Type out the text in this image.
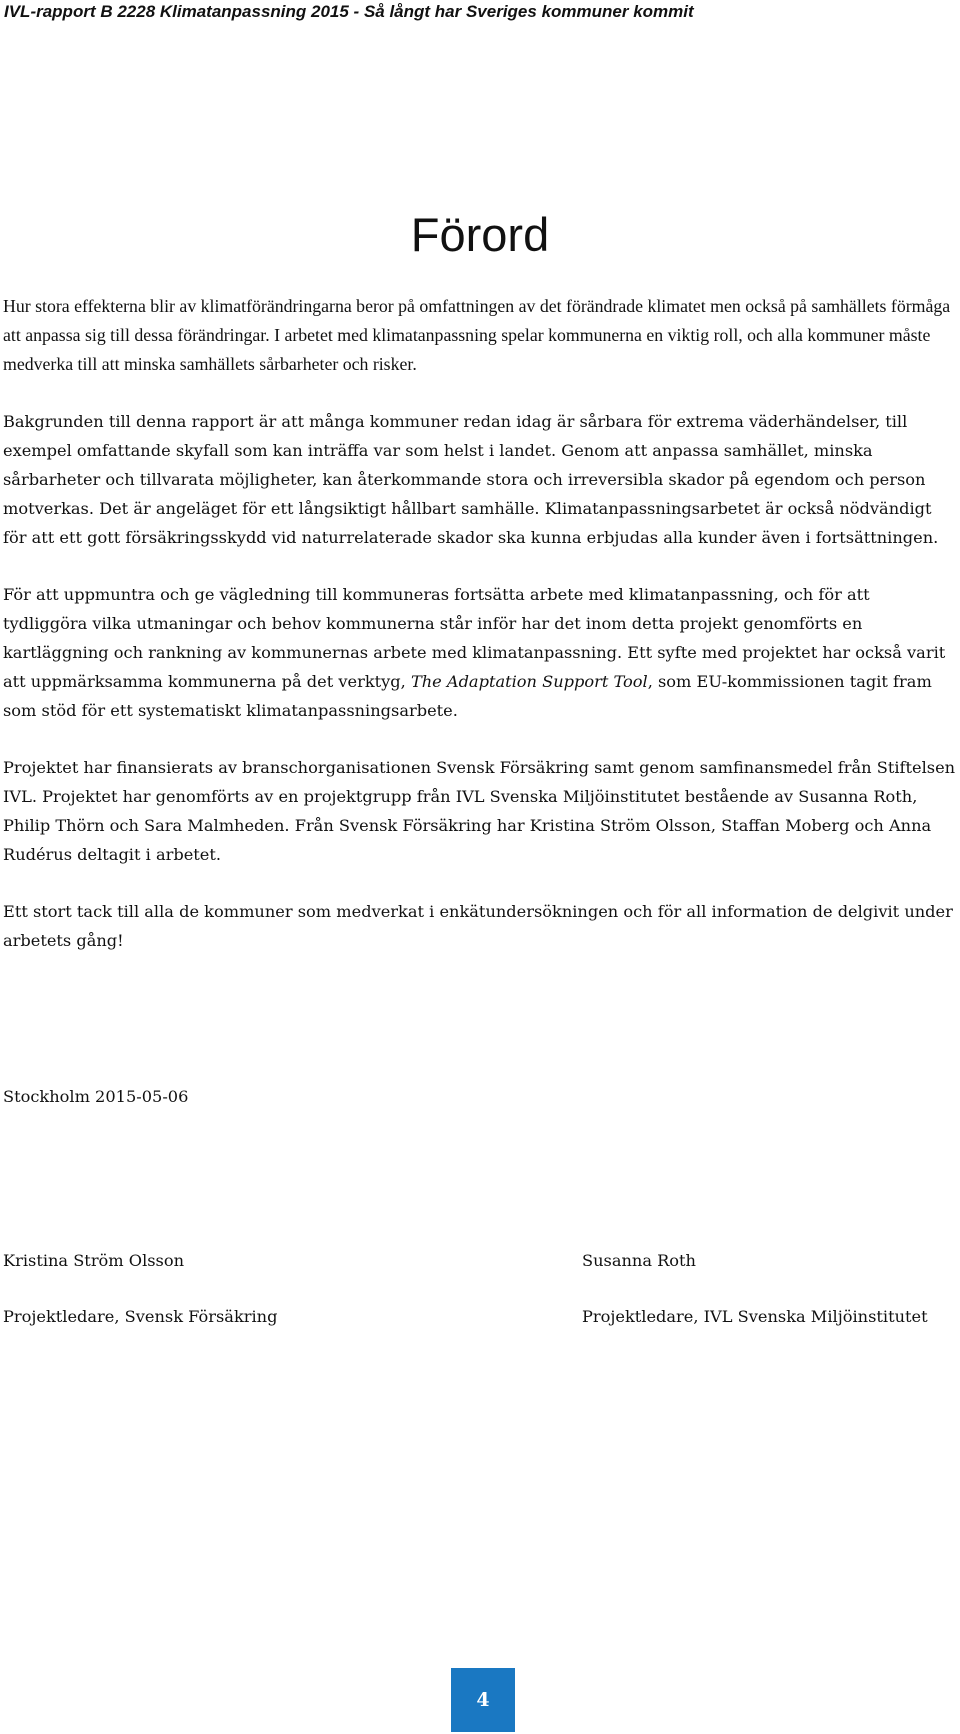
IVL-rapport B 2228 Klimatanpassning 2015 - Så långt har Sveriges kommuner kommit
Förord

Hur stora effekterna blir av klimatförändringarna beror på omfattningen av det förändrade klimatet men också på samhällets förmåga att anpassa sig till dessa förändringar. I arbetet med klimatanpassning spelar kommunerna en viktig roll, och alla kommuner måste medverka till att minska samhällets sårbarheter och risker.

Bakgrunden till denna rapport är att många kommuner redan idag är sårbara för extrema väderhändelser, till exempel omfattande skyfall som kan inträffa var som helst i landet. Genom att anpassa samhället, minska sårbarheter och tillvarata möjligheter, kan återkommande stora och irreversibla skador på egendom och person motverkas. Det är angeläget för ett långsiktigt hållbart samhälle. Klimatanpassningsarbetet är också nödvändigt för att ett gott försäkringsskydd vid naturrelaterade skador ska kunna erbjudas alla kunder även i fortsättningen.

För att uppmuntra och ge vägledning till kommuneras fortsätta arbete med klimatanpassning, och för att tydliggöra vilka utmaningar och behov kommunerna står inför har det inom detta projekt genomförts en kartläggning och rankning av kommunernas arbete med klimatanpassning. Ett syfte med projektet har också varit att uppmärksamma kommunerna på det verktyg, The Adaptation Support Tool, som EU-kommissionen tagit fram som stöd för ett systematiskt klimatanpassningsarbete.

Projektet har finansierats av branschorganisationen Svensk Försäkring samt genom samfinansmedel från Stiftelsen IVL. Projektet har genomförts av en projektgrupp från IVL Svenska Miljöinstitutet bestående av Susanna Roth, Philip Thörn och Sara Malmheden. Från Svensk Försäkring har Kristina Ström Olsson, Staffan Moberg och Anna Rudérus deltagit i arbetet.

Ett stort tack till alla de kommuner som medverkat i enkätundersökningen och för all information de delgivit under arbetets gång!

Stockholm 2015-05-06
Kristina Ström Olsson
Projektledare, Svensk Försäkring
Susanna Roth
Projektledare, IVL Svenska Miljöinstitutet
4
